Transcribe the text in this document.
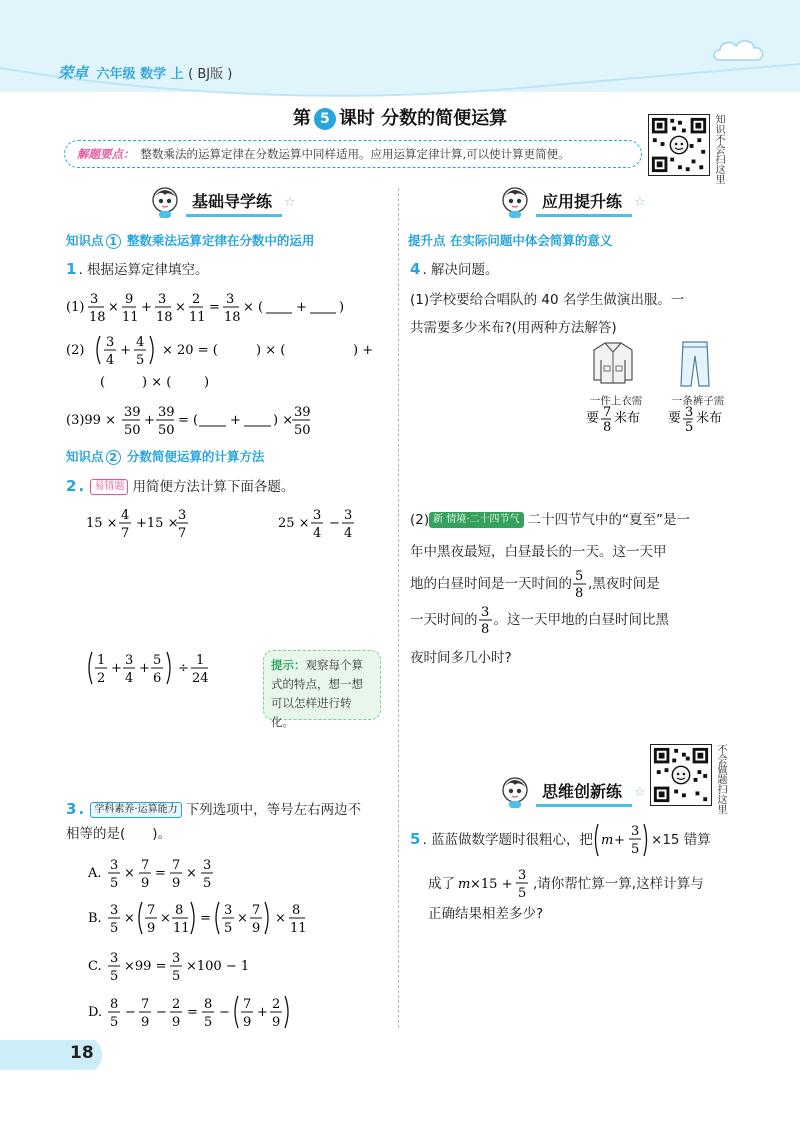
荣卓 六年级 数学 上 ( BJ版 )
第 5 课时 分数的简便运算
解题要点： 整数乘法的运算定律在分数运算中同样适用。应用运算定律计算,可以使计算更简便。	知识不会扫这里
基础导学练 ☆
知识点 1 整数乘法运算定律在分数中的运用
1 . 根据运算定律填空。
(1)
3
18
×
9
11
+
3
18
×
2
11
=
3
18
× (	+ )
(2)
3
4
+
4
5
× 20 = (	) × (	) +
(	) × (	)
(3)99 ×
39
50
+
39
50
= ( + ) ×
39
50
知识点 2 分数简便运算的计算方法
2 . 易错题 用简便方法计算下面各题。
15 ×
4
7
+15 ×
3
7
25 ×
3
4
−
3
4
1
2
+
3
4
+
5
6
÷
1
24
提示：观察每个算式的特点，想一想可以怎样进行转化。
3 . 学科素养·运算能力 下列选项中，等号左右两边不
相等的是(　　)。
A.
3
5
×
7
9
=
7
9
×
3
5
B.
3
5
×
7
9
×
8
11
=
3
5
×
7
9
×
8
11
C.
3
5
×99 =
3
5
×100 − 1
D.
8
5
−
7
9
−
2
9
=
8
5
−
7
9
+
2
9
应用提升练 ☆
提升点 在实际问题中体会简算的意义
4 . 解决问题。
(1)学校要给合唱队的 40 名学生做演出服。一
共需要多少米布?(用两种方法解答)
一件上衣需
要 7
8
米布
一条裤子需
要 3
5
米布
(2) 新 情境·二十四节气 二十四节气中的“夏至”是一
年中黑夜最短，白昼最长的一天。这一天甲
地的白昼时间是一天时间的 5
8
,黑夜时间是
一天时间的 3
8
。这一天甲地的白昼时间比黑
夜时间多几小时?
不会做题扫这里
思维创新练 ☆
5 . 蓝蓝做数学题时很粗心，把 m +
3
5
×15 错算
成了 m ×15 +
3
5
,请你帮忙算一算,这样计算与
正确结果相差多少?
18
